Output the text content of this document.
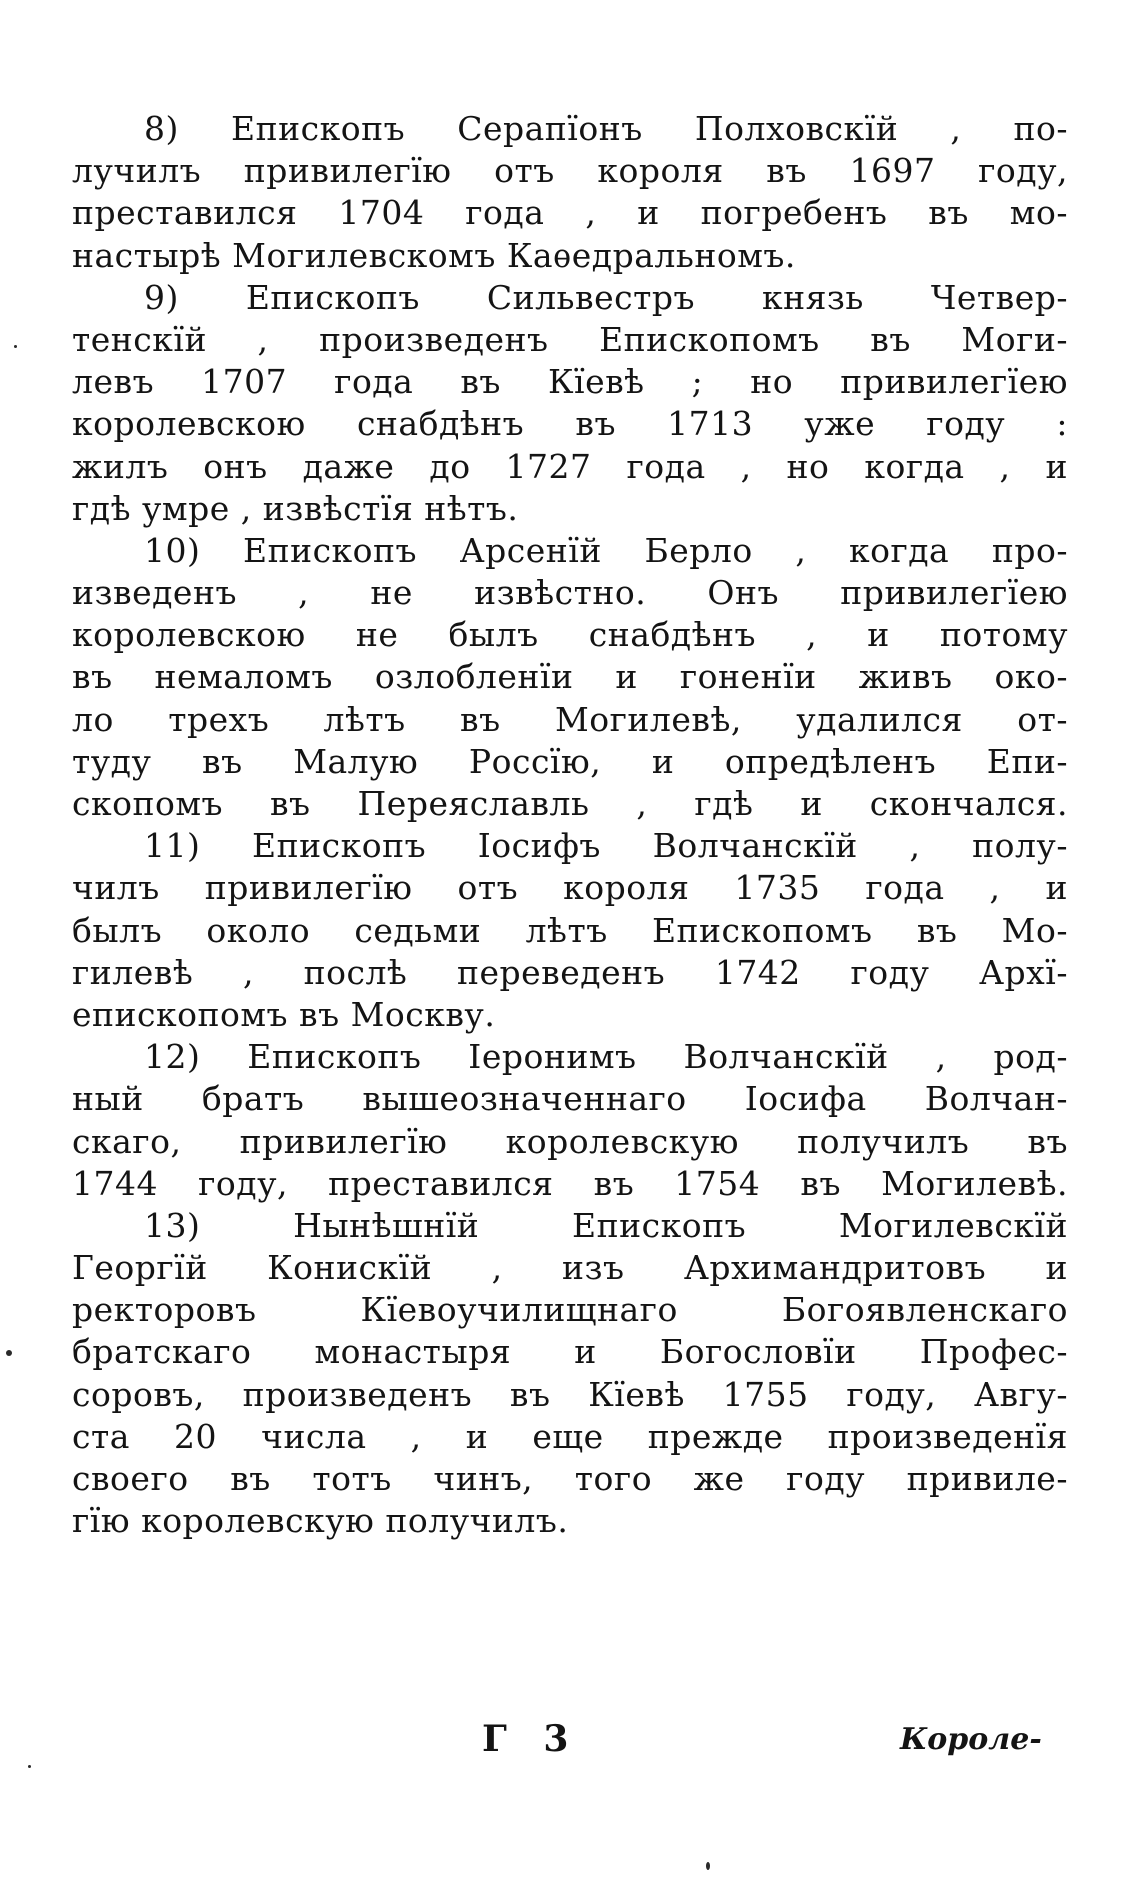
8) Епископъ Серапїонъ Полховскїй , по-
лучилъ привилегїю отъ короля въ 1697 году,
преставился 1704 года , и погребенъ въ мо-
настырѣ Могилевскомъ Каѳедральномъ.
9) Епископъ Сильвестръ князь Четвер-
тенскїй , произведенъ Епископомъ въ Моги-
левъ 1707 года въ Кїевѣ ; но привилегїею
королевскою снабдѣнъ въ 1713 уже году :
жилъ онъ даже до 1727 года , но когда , и
гдѣ умре , извѣстїя нѣтъ.
10) Епископъ Арсенїй Берло , когда про-
изведенъ , не извѣстно. Онъ привилегїею
королевскою не былъ снабдѣнъ , и потому
въ немаломъ озлобленїи и гоненїи живъ око-
ло трехъ лѣтъ въ Могилевѣ, удалился от-
туду въ Малую Россїю, и опредѣленъ Епи-
скопомъ въ Переяславль , гдѣ и скончался.
11) Епископъ Iосифъ Волчанскїй , полу-
чилъ привилегїю отъ короля 1735 года , и
былъ около седьми лѣтъ Епископомъ въ Мо-
гилевѣ , послѣ переведенъ 1742 году Архї-
епископомъ въ Москву.
12) Епископъ Iеронимъ Волчанскїй , род-
ный братъ вышеозначеннаго Iосифа Волчан-
скаго, привилегїю королевскую получилъ въ
1744 году, преставился въ 1754 въ Могилевѣ.
13) Нынѣшнїй Епископъ Могилевскїй
Георгїй Конискїй , изъ Архимандритовъ и
ректоровъ Кїевоучилищнаго Богоявленскаго
братскаго монастыря и Богословїи Профес-
соровъ, произведенъ въ Кїевѣ 1755 году, Авгу-
ста 20 числа , и еще прежде произведенїя
своего въ тотъ чинъ, того же году привиле-
гїю королевскую получилъ.
Г 3	Короле-
